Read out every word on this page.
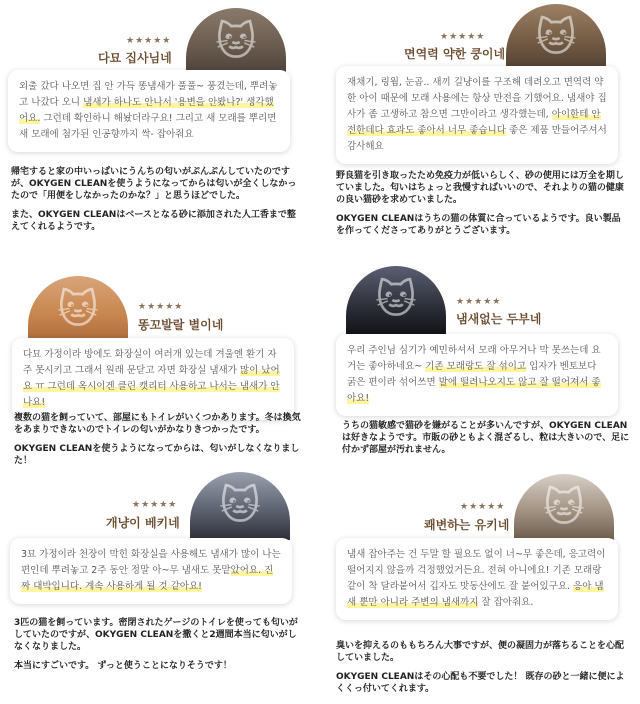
🐱
★★★★★
다묘 집사님네
외출 갔다 나오면 집 안 가득 똥냄새가 풀풀~ 풍겼는데, 뿌려놓고 나갔다 오니 냄새가 하나도 안나서 '용변을 안봤나?' 생각했어요. 그런데 확인하니 해놨더라구요! 그리고 새 모래를 뿌리면 새 모래에 첨가된 인공향까지 싹- 잡아줘요

帰宅すると家の中いっぱいにうんちの匂いがぷんぷんしていたのですが、OKYGEN CLEANを使うようになってからは匂いが全くしなかったので「用便をしなかったのかな？」と思うほどでした。

また、OKYGEN CLEANはベースとなる砂に添加された人工香まで整えてくれるようです。

🐱
★★★★★
면역력 약한 쿵이네
재채기, 링웜, 눈곱.. 새끼 길냥이를 구조해 데려오고 면역력 약한 아이 때문에 모래 사용에는 항상 만전을 기했어요. 냄새야 집사가 좀 고생하고 참으면 그만이라고 생각했는데, 아이한테 안전한데다 효과도 좋아서 너무 좋습니다 좋은 제품 만들어주셔서 감사해요

野良猫を引き取ったため免疫力が低いらしく、砂の使用には万全を期していました。匂いはちょっと我慢すればいいので、それよりの猫の健康の良い猫砂を求めていました。

OKYGEN CLEANはうちの猫の体質に合っているようです。良い製品を作ってくださってありがとうございます。

🐱	★★★★★
똥꼬발랄 별이네
다묘 가정이라 방에도 화장실이 여러개 있는데 겨울엔 환기 자주 못시키고 그래서 원래 문닫고 자면 화장실 냄새가 많이 났어요 ㅠ 그런데 옥시이겐 클린 캣리터 사용하고 나서는 냄새가 안나요!

複数の猫を飼っていて、部屋にもトイレがいくつかあります。冬は換気をあまりできないのでトイレの匂いがかなりきつかったです。

OKYGEN CLEANを使うようになってからは、匂いがしなくなりました！

🐱	★★★★★
냄새없는 두부네
우리 주인님 심기가 예민하셔서 모래 아무거나 막 못쓰는데 요거는 좋아하네요~ 기존 모래랑도 잘 섞이고 입자가 벤토보다 굵은 편이라 섞어쓰면 발에 떨려나오지도 않고 잘 떨어져서 좋아요!

うちの猫敏感で猫砂を嫌がることが多いんですが、OKYGEN CLEANは好きなようです。市販の砂ともよく混ざるし、粒は大きいので、足に付かず部屋が汚れません。

🐱
★★★★★
개냥이 베키네
3묘 가정이라 천장이 막힌 화장실을 사용해도 냄새가 많이 나는 편인데 뿌려놓고 2주 동안 정말 아~무 냄새도 못맡았어요. 진짜 대박입니다. 계속 사용하게 될 것 같아요!

3匹の猫を飼っています。密閉されたゲージのトイレを使っても匂いがしていたのですが、OKYGEN CLEANを撒くと2週間本当に匂いがしなくなりました。

本当にすごいです。 ずっと使うことになりそうです！

🐱
★★★★★
쾌변하는 유키네
냄새 잡아주는 건 두말 할 필요도 없이 너~무 좋은데, 응고력이 떨어지지 않을까 걱정했었거든요. 전혀 아니에요! 기존 모래랑 같이 착 달라붙어서 깁자도 맛동산에도 잘 붙어있구요. 응아 냄새 뿐만 아니라 주변의 냄새까지 잘 잡아줘요.

臭いを抑えるのももちろん大事ですが、便の凝固力が落ちることを心配していました。

OKYGEN CLEANはその心配も不要でした！ 既存の砂と一緒に便によくくっ付いてくれます。
